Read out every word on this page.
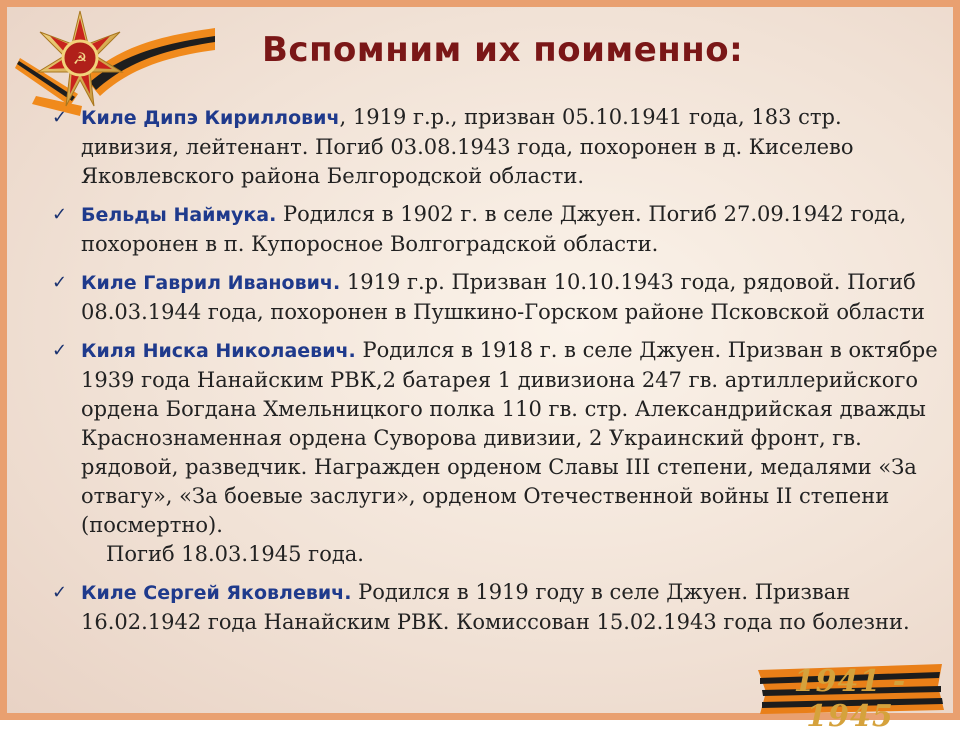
☭	Вспомним их поименно:
✓ Киле Дипэ Кириллович, 1919 г.р., призван 05.10.1941 года, 183 стр. дивизия, лейтенант. Погиб 03.08.1943 года, похоронен в д. Киселево Яковлевского района Белгородской области.
✓ Бельды Наймука. Родился в 1902 г. в селе Джуен. Погиб 27.09.1942 года, похоронен в п. Купоросное Волгоградской области.
✓ Киле Гаврил Иванович. 1919 г.р. Призван 10.10.1943 года, рядовой. Погиб 08.03.1944 года, похоронен в Пушкино-Горском районе Псковской области
✓ Киля Ниска Николаевич. Родился в 1918 г. в селе Джуен. Призван в октябре 1939 года Нанайским РВК,2 батарея 1 дивизиона 247 гв. артиллерийского ордена Богдана Хмельницкого полка 110 гв. стр. Александрийская дважды Краснознаменная ордена Суворова дивизии, 2 Украинский фронт, гв. рядовой, разведчик. Награжден орденом Славы III степени, медалями «За отвагу», «За боевые заслуги», орденом Отечественной войны II степени (посмертно).
Погиб 18.03.1945 года.
✓ Киле Сергей Яковлевич. Родился в 1919 году в селе Джуен. Призван 16.02.1942 года Нанайским РВК. Комиссован 15.02.1943 года по болезни.
1941 - 1945
